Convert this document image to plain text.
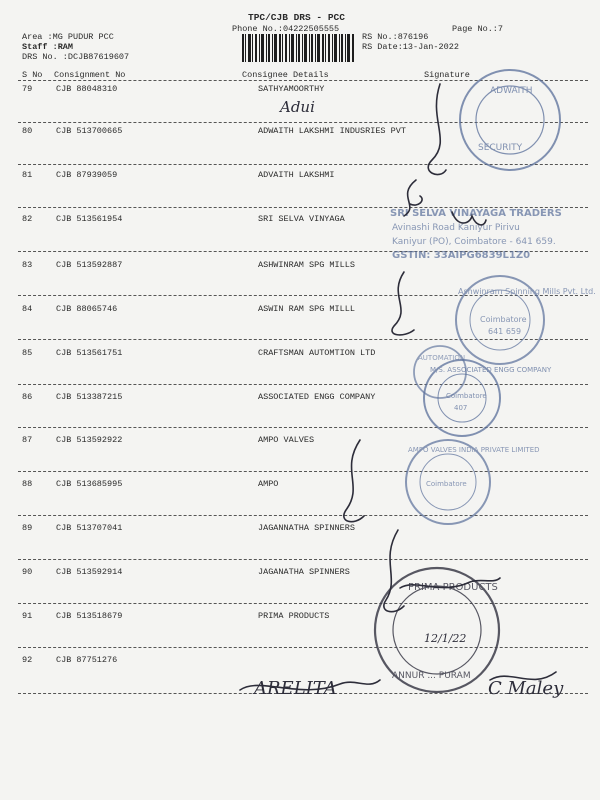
TPC/CJB DRS - PCC
Phone No.:04222505555	Page No.:7
Area :MG PUDUR PCC
Staff :RAM
DRS No. :DCJB87619607
RS No.:876196
RS Date:13-Jan-2022
S No Consignment No	Consignee Details	Signature
79	CJB 88048310	SATHYAMOORTHY
80	CJB 513700665	ADWAITH LAKSHMI INDUSRIES PVT
81	CJB 87939059	ADVAITH LAKSHMI
82	CJB 513561954	SRI SELVA VINYAGA
83	CJB 513592887	ASHWINRAM SPG MILLS
84	CJB 88065746	ASWIN RAM SPG MILLL
85	CJB 513561751	CRAFTSMAN AUTOMTION LTD
86	CJB 513387215	ASSOCIATED ENGG COMPANY
87	CJB 513592922	AMPO VALVES
88	CJB 513685995	AMPO
89	CJB 513707041	JAGANNATHA SPINNERS
90	CJB 513592914	JAGANATHA SPINNERS
91	CJB 513518679	PRIMA PRODUCTS
92	CJB 87751276
ADWAITH
SECURITY
SRI SELVA VINAYAGA TRADERS
Avinashi Road Kaniyur Pirivu
Kaniyur (PO), Coimbatore - 641 659.
GSTIN: 33AIPG6839L1Z0
Ashwinram Spinning Mills Pvt. Ltd.
Coimbatore
641 659
AUTOMATION
M/S. ASSOCIATED ENGG COMPANY
Coimbatore
407
AMPO VALVES INDIA PRIVATE LIMITED
Coimbatore
PRIMA PRODUCTS
ANNUR ... PURAM
Adui
12/1/22
ARELITA	C Maley
